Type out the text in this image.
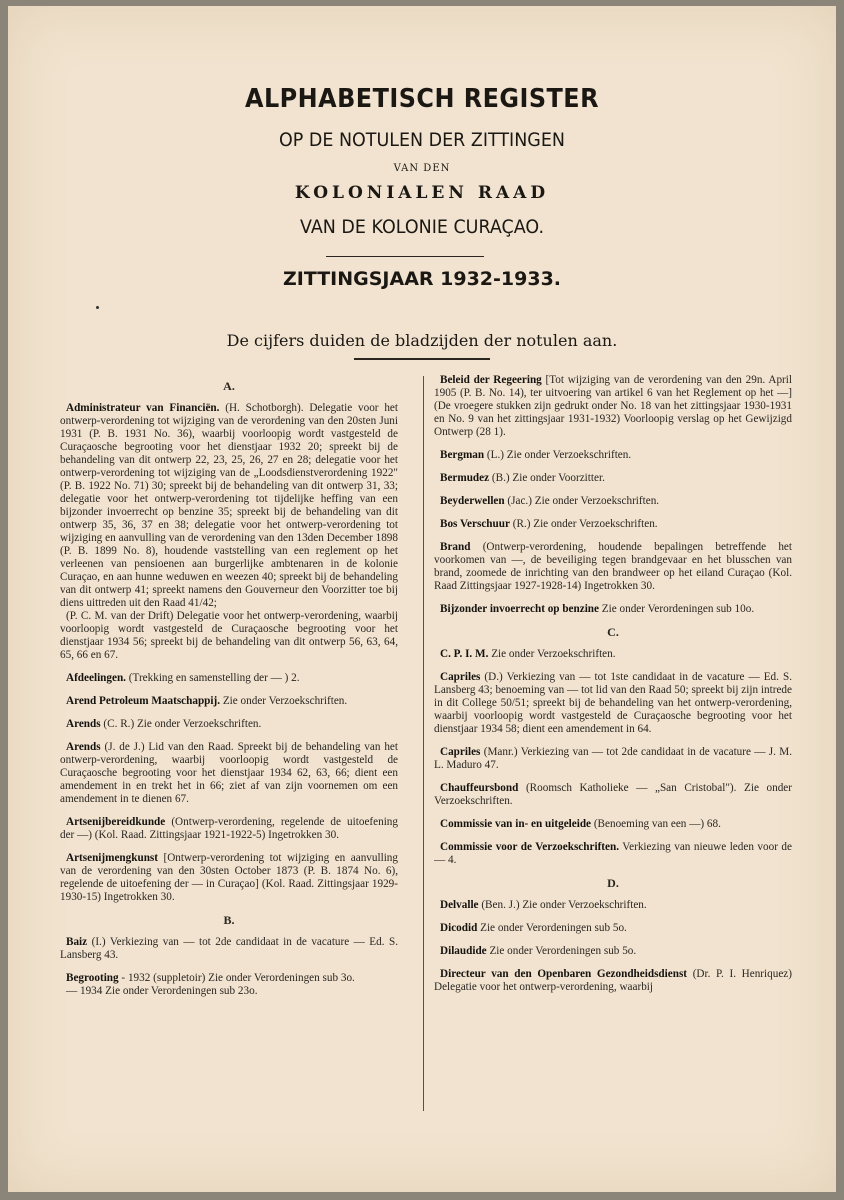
ALPHABETISCH REGISTER
OP DE NOTULEN DER ZITTINGEN
VAN DEN
KOLONIALEN RAAD
VAN DE KOLONIE CURAÇAO.
ZITTINGSJAAR 1932-1933.
De cijfers duiden de bladzijden der notulen aan.
A.

Administrateur van Financiën. (H. Schotborgh). Delegatie voor het ontwerp-verordening tot wijziging van de verordening van den 20sten Juni 1931 (P. B. 1931 No. 36), waarbij voorloopig wordt vastgesteld de Curaçaosche begrooting voor het dienstjaar 1932 20; spreekt bij de behandeling van dit ontwerp 22, 23, 25, 26, 27 en 28; delegatie voor het ontwerp-verordening tot wijziging van de „Loodsdienstverordening 1922" (P. B. 1922 No. 71) 30; spreekt bij de behandeling van dit ontwerp 31, 33; delegatie voor het ontwerp-verordening tot tijdelijke heffing van een bijzonder invoerrecht op benzine 35; spreekt bij de behandeling van dit ontwerp 35, 36, 37 en 38; delegatie voor het ontwerp-verordening tot wijziging en aanvulling van de verordening van den 13den December 1898 (P. B. 1899 No. 8), houdende vaststelling van een reglement op het verleenen van pensioenen aan burgerlijke ambtenaren in de kolonie Curaçao, en aan hunne weduwen en weezen 40; spreekt bij de behandeling van dit ontwerp 41; spreekt namens den Gouverneur den Voorzitter toe bij diens uittreden uit den Raad 41/42;

(P. C. M. van der Drift) Delegatie voor het ontwerp-verordening, waarbij voorloopig wordt vastgesteld de Curaçaosche begrooting voor het dienstjaar 1934 56; spreekt bij de behandeling van dit ontwerp 56, 63, 64, 65, 66 en 67.

Afdeelingen. (Trekking en samenstelling der — ) 2.
Arend Petroleum Maatschappij. Zie onder Verzoekschriften.
Arends (C. R.) Zie onder Verzoekschriften.
Arends (J. de J.) Lid van den Raad. Spreekt bij de behandeling van het ontwerp-verordening, waarbij voorloopig wordt vastgesteld de Curaçaosche begrooting voor het dienstjaar 1934 62, 63, 66; dient een amendement in en trekt het in 66; ziet af van zijn voornemen om een amendement in te dienen 67.
Artsenijbereidkunde (Ontwerp-verordening, regelende de uitoefening der —) (Kol. Raad. Zittingsjaar 1921-1922-5) Ingetrokken 30.
Artsenijmengkunst [Ontwerp-verordening tot wijziging en aanvulling van de verordening van den 30sten October 1873 (P. B. 1874 No. 6), regelende de uitoefening der — in Curaçao] (Kol. Raad. Zittingsjaar 1929-1930-15) Ingetrokken 30.
B.
Baiz (I.) Verkiezing van — tot 2de candidaat in de vacature — Ed. S. Lansberg 43.

Begrooting - 1932 (suppletoir) Zie onder Verordeningen sub 3o.

— 1934 Zie onder Verordeningen sub 23o.

Beleid der Regeering [Tot wijziging van de verordening van den 29n. April 1905 (P. B. No. 14), ter uitvoering van artikel 6 van het Reglement op het —] (De vroegere stukken zijn gedrukt onder No. 18 van het zittingsjaar 1930-1931 en No. 9 van het zittingsjaar 1931-1932) Voorloopig verslag op het Gewijzigd Ontwerp (28 1).
Bergman (L.) Zie onder Verzoekschriften.
Bermudez (B.) Zie onder Voorzitter.
Beyderwellen (Jac.) Zie onder Verzoekschriften.
Bos Verschuur (R.) Zie onder Verzoekschriften.
Brand (Ontwerp-verordening, houdende bepalingen betreffende het voorkomen van —, de beveiliging tegen brandgevaar en het blusschen van brand, zoomede de inrichting van den brandweer op het eiland Curaçao (Kol. Raad Zittingsjaar 1927-1928-14) Ingetrokken 30.
Bijzonder invoerrecht op benzine Zie onder Verordeningen sub 10o.
C.
C. P. I. M. Zie onder Verzoekschriften.
Capriles (D.) Verkiezing van — tot 1ste candidaat in de vacature — Ed. S. Lansberg 43; benoeming van — tot lid van den Raad 50; spreekt bij zijn intrede in dit College 50/51; spreekt bij de behandeling van het ontwerp-verordening, waarbij voorloopig wordt vastgesteld de Curaçaosche begrooting voor het dienstjaar 1934 58; dient een amendement in 64.
Capriles (Manr.) Verkiezing van — tot 2de candidaat in de vacature — J. M. L. Maduro 47.
Chauffeursbond (Roomsch Katholieke — „San Cristobal"). Zie onder Verzoekschriften.
Commissie van in- en uitgeleide (Benoeming van een —) 68.
Commissie voor de Verzoekschriften. Verkiezing van nieuwe leden voor de — 4.
D.
Delvalle (Ben. J.) Zie onder Verzoekschriften.
Dicodid Zie onder Verordeningen sub 5o.
Dilaudide Zie onder Verordeningen sub 5o.
Directeur van den Openbaren Gezondheidsdienst (Dr. P. I. Henriquez) Delegatie voor het ontwerp-verordening, waarbij
